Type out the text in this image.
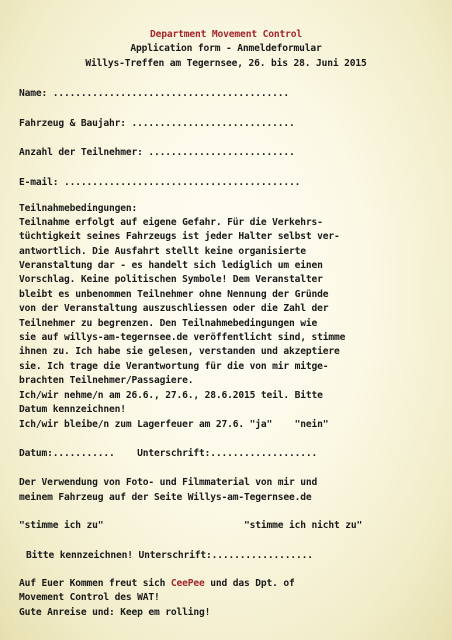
Department Movement Control

Application form - Anmeldeformular

Willys-Treffen am Tegernsee, 26. bis 28. Juni 2015

Name: ..........................................

Fahrzeug & Baujahr: .............................

Anzahl der Teilnehmer: ..........................

E-mail: ..........................................

Teilnahmebedingungen:

Teilnahme erfolgt auf eigene Gefahr. Für die Verkehrs-

tüchtigkeit seines Fahrzeugs ist jeder Halter selbst ver-

antwortlich. Die Ausfahrt stellt keine organisierte

Veranstaltung dar - es handelt sich lediglich um einen

Vorschlag. Keine politischen Symbole! Dem Veranstalter

bleibt es unbenommen Teilnehmer ohne Nennung der Gründe

von der Veranstaltung auszuschliessen oder die Zahl der

Teilnehmer zu begrenzen. Den Teilnahmebedingungen wie

sie auf willys-am-tegernsee.de veröffentlicht sind, stimme

ihnen zu. Ich habe sie gelesen, verstanden und akzeptiere

sie. Ich trage die Verantwortung für die von mir mitge-

brachten Teilnehmer/Passagiere.

Ich/wir nehme/n am 26.6., 27.6., 28.6.2015 teil. Bitte

Datum kennzeichnen!

Ich/wir bleibe/n zum Lagerfeuer am 27.6. "ja"    "nein"

Datum:...........    Unterschrift:...................

Der Verwendung von Foto- und Filmmaterial von mir und

meinem Fahrzeug auf der Seite Willys-am-Tegernsee.de

"stimme ich zu"	"stimme ich nicht zu"

Bitte kennzeichnen! Unterschrift:..................

Auf Euer Kommen freut sich CeePee und das Dpt. of

Movement Control des WAT!

Gute Anreise und: Keep em rolling!
